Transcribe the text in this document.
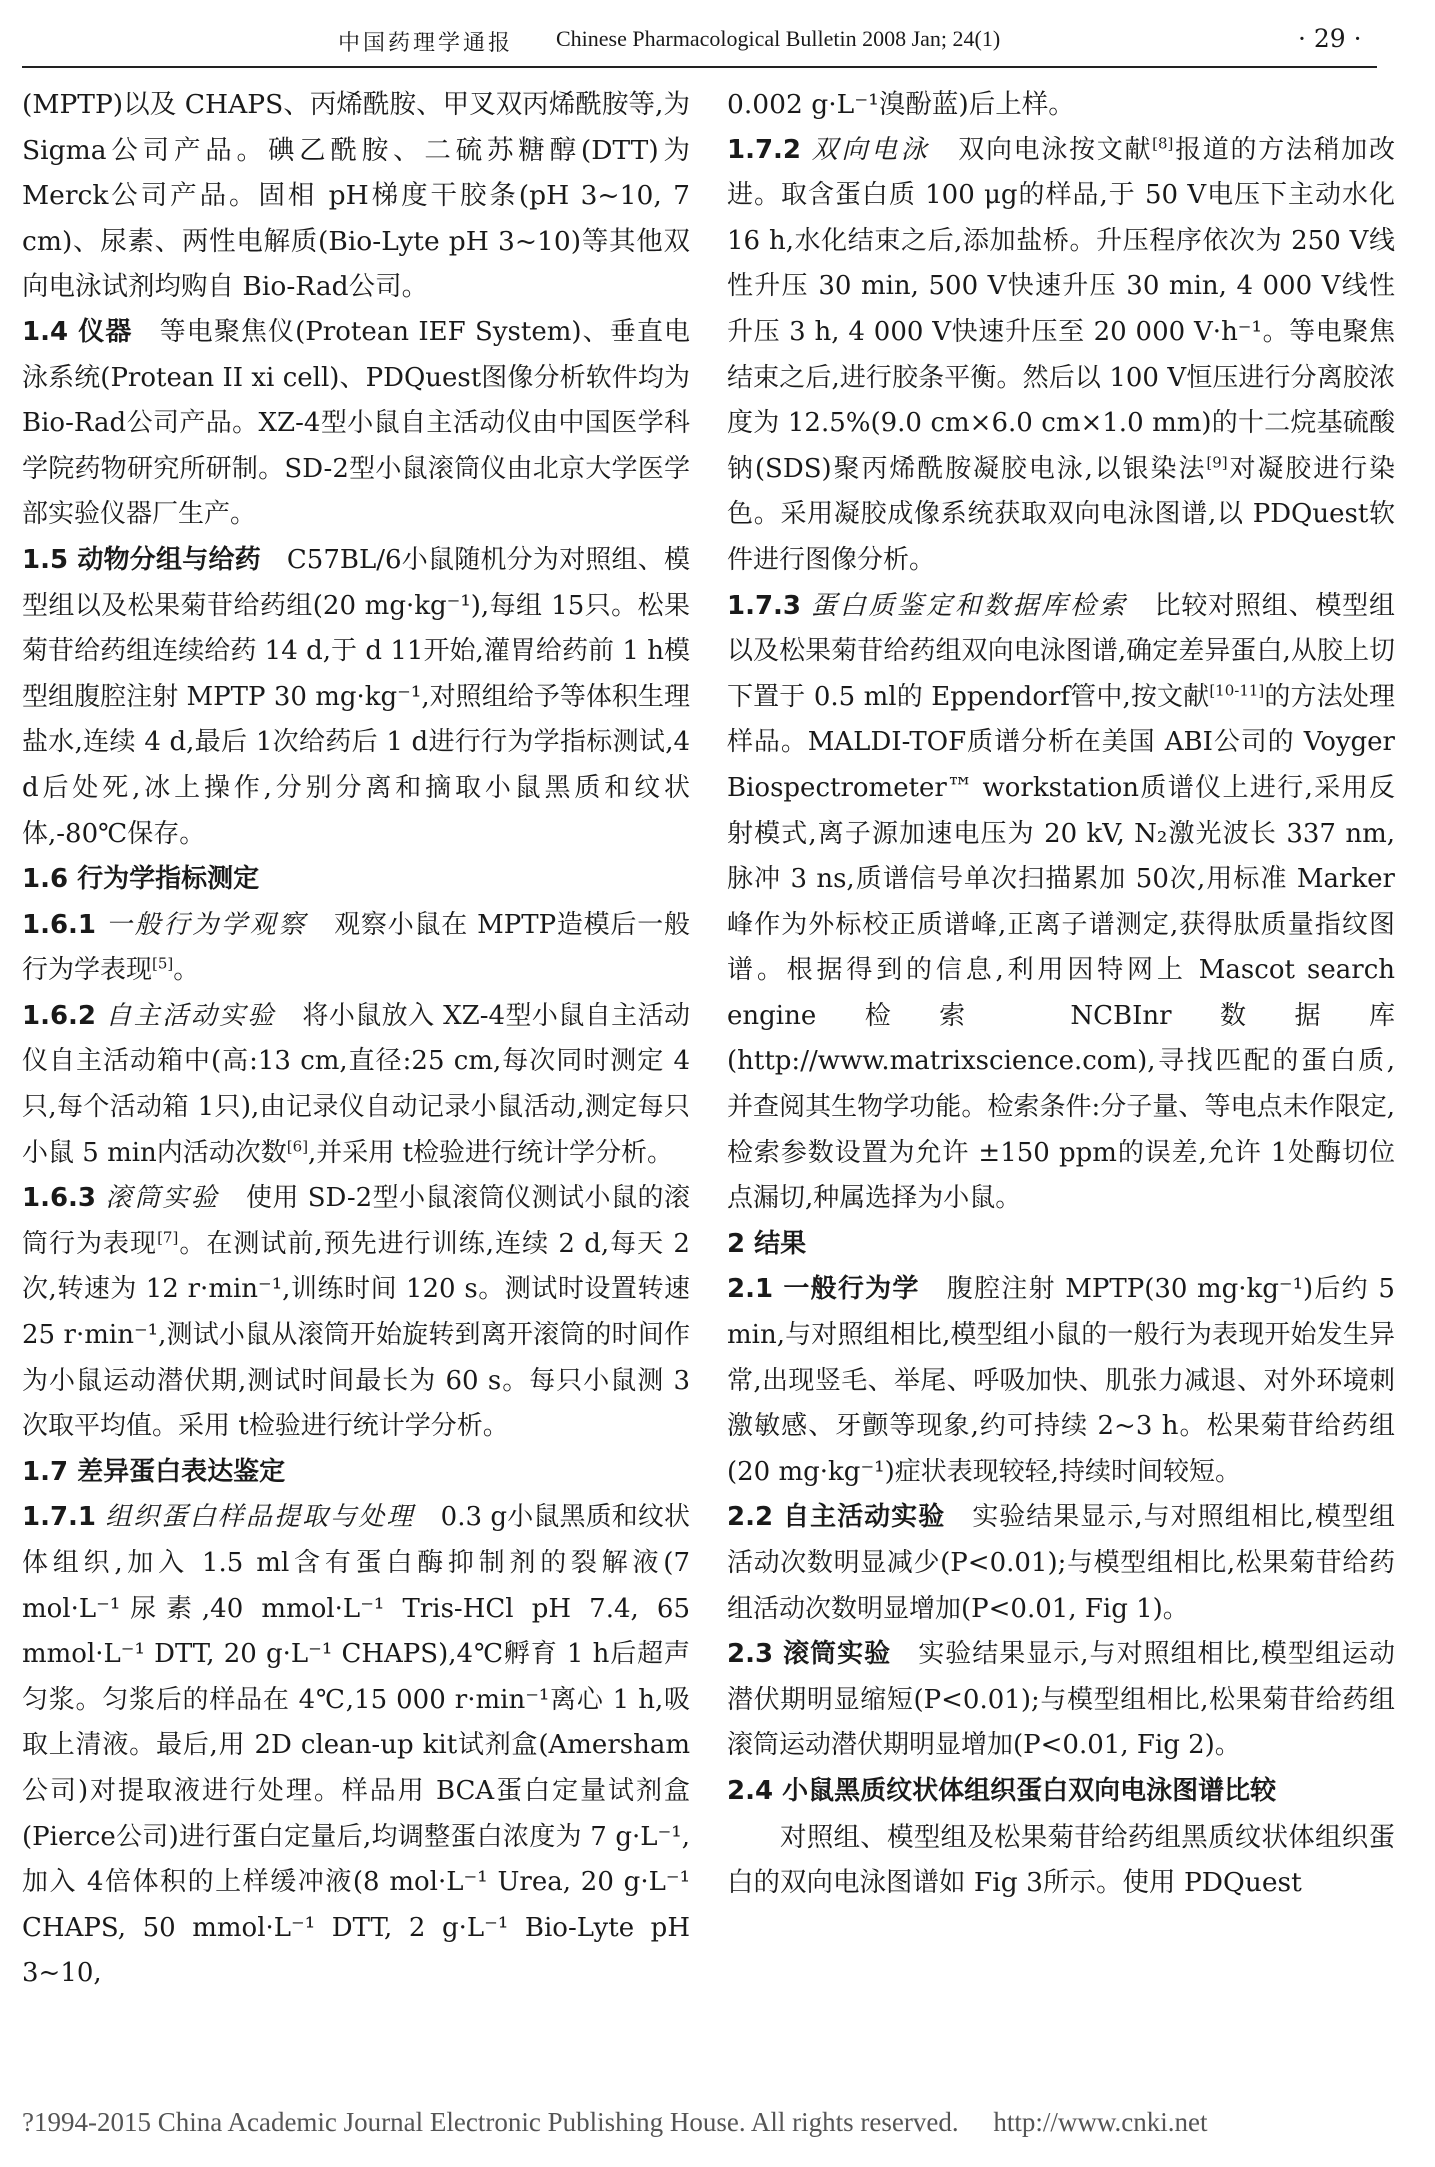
中国药理学通报 Chinese Pharmacological Bulletin 2008 Jan; 24(1)	· 29 ·

(MPTP)以及 CHAPS、丙烯酰胺、甲叉双丙烯酰胺等,为 Sigma公司产品。碘乙酰胺、二硫苏糖醇(DTT)为 Merck公司产品。固相 pH梯度干胶条(pH 3~10, 7 cm)、尿素、两性电解质(Bio-Lyte pH 3~10)等其他双向电泳试剂均购自 Bio-Rad公司。

1.4 仪器  等电聚焦仪(Protean IEF System)、垂直电泳系统(Protean II xi cell)、PDQuest图像分析软件均为 Bio-Rad公司产品。XZ-4型小鼠自主活动仪由中国医学科学院药物研究所研制。SD-2型小鼠滚筒仪由北京大学医学部实验仪器厂生产。

1.5 动物分组与给药  C57BL/6小鼠随机分为对照组、模型组以及松果菊苷给药组(20 mg·kg⁻¹),每组 15只。松果菊苷给药组连续给药 14 d,于 d 11开始,灌胃给药前 1 h模型组腹腔注射 MPTP 30 mg·kg⁻¹,对照组给予等体积生理盐水,连续 4 d,最后 1次给药后 1 d进行行为学指标测试,4 d后处死,冰上操作,分别分离和摘取小鼠黑质和纹状体,-80℃保存。

1.6 行为学指标测定 

1.6.1 一般行为学观察  观察小鼠在 MPTP造模后一般行为学表现[5]。

1.6.2 自主活动实验  将小鼠放入 XZ-4型小鼠自主活动仪自主活动箱中(高:13 cm,直径:25 cm,每次同时测定 4只,每个活动箱 1只),由记录仪自动记录小鼠活动,测定每只小鼠 5 min内活动次数[6],并采用 t检验进行统计学分析。

1.6.3 滚筒实验  使用 SD-2型小鼠滚筒仪测试小鼠的滚筒行为表现[7]。在测试前,预先进行训练,连续 2 d,每天 2次,转速为 12 r·min⁻¹,训练时间 120 s。测试时设置转速 25 r·min⁻¹,测试小鼠从滚筒开始旋转到离开滚筒的时间作为小鼠运动潜伏期,测试时间最长为 60 s。每只小鼠测 3次取平均值。采用 t检验进行统计学分析。

1.7 差异蛋白表达鉴定 

1.7.1 组织蛋白样品提取与处理  0.3 g小鼠黑质和纹状体组织,加入 1.5 ml含有蛋白酶抑制剂的裂解液(7 mol·L⁻¹尿素,40 mmol·L⁻¹ Tris-HCl pH 7.4, 65 mmol·L⁻¹ DTT, 20 g·L⁻¹ CHAPS),4℃孵育 1 h后超声匀浆。匀浆后的样品在 4℃,15 000 r·min⁻¹离心 1 h,吸取上清液。最后,用 2D clean-up kit试剂盒(Amersham公司)对提取液进行处理。样品用 BCA蛋白定量试剂盒(Pierce公司)进行蛋白定量后,均调整蛋白浓度为 7 g·L⁻¹,加入 4倍体积的上样缓冲液(8 mol·L⁻¹ Urea, 20 g·L⁻¹ CHAPS, 50 mmol·L⁻¹ DTT, 2 g·L⁻¹ Bio-Lyte pH 3~10,

0.002 g·L⁻¹溴酚蓝)后上样。

1.7.2 双向电泳  双向电泳按文献[8]报道的方法稍加改进。取含蛋白质 100 μg的样品,于 50 V电压下主动水化 16 h,水化结束之后,添加盐桥。升压程序依次为 250 V线性升压 30 min, 500 V快速升压 30 min, 4 000 V线性升压 3 h, 4 000 V快速升压至 20 000 V·h⁻¹。等电聚焦结束之后,进行胶条平衡。然后以 100 V恒压进行分离胶浓度为 12.5%(9.0 cm×6.0 cm×1.0 mm)的十二烷基硫酸钠(SDS)聚丙烯酰胺凝胶电泳,以银染法[9]对凝胶进行染色。采用凝胶成像系统获取双向电泳图谱,以 PDQuest软件进行图像分析。

1.7.3 蛋白质鉴定和数据库检索  比较对照组、模型组以及松果菊苷给药组双向电泳图谱,确定差异蛋白,从胶上切下置于 0.5 ml的 Eppendorf管中,按文献[10-11]的方法处理样品。MALDI-TOF质谱分析在美国 ABI公司的 Voyger Biospectrometer™ workstation质谱仪上进行,采用反射模式,离子源加速电压为 20 kV, N₂激光波长 337 nm,脉冲 3 ns,质谱信号单次扫描累加 50次,用标准 Marker峰作为外标校正质谱峰,正离子谱测定,获得肽质量指纹图谱。根据得到的信息,利用因特网上 Mascot search engine检索 NCBInr数据库(http://www.matrixscience.com),寻找匹配的蛋白质,并查阅其生物学功能。检索条件:分子量、等电点未作限定,检索参数设置为允许 ±150 ppm的误差,允许 1处酶切位点漏切,种属选择为小鼠。

2 结果 

2.1 一般行为学  腹腔注射 MPTP(30 mg·kg⁻¹)后约 5 min,与对照组相比,模型组小鼠的一般行为表现开始发生异常,出现竖毛、举尾、呼吸加快、肌张力减退、对外环境刺激敏感、牙颤等现象,约可持续 2~3 h。松果菊苷给药组(20 mg·kg⁻¹)症状表现较轻,持续时间较短。

2.2 自主活动实验  实验结果显示,与对照组相比,模型组活动次数明显减少(P<0.01);与模型组相比,松果菊苷给药组活动次数明显增加(P<0.01, Fig 1)。

2.3 滚筒实验  实验结果显示,与对照组相比,模型组运动潜伏期明显缩短(P<0.01);与模型组相比,松果菊苷给药组滚筒运动潜伏期明显增加(P<0.01, Fig 2)。

2.4 小鼠黑质纹状体组织蛋白双向电泳图谱比较 

对照组、模型组及松果菊苷给药组黑质纹状体组织蛋白的双向电泳图谱如 Fig 3所示。使用 PDQuest

?1994-2015 China Academic Journal Electronic Publishing House. All rights reserved. http://www.cnki.net
